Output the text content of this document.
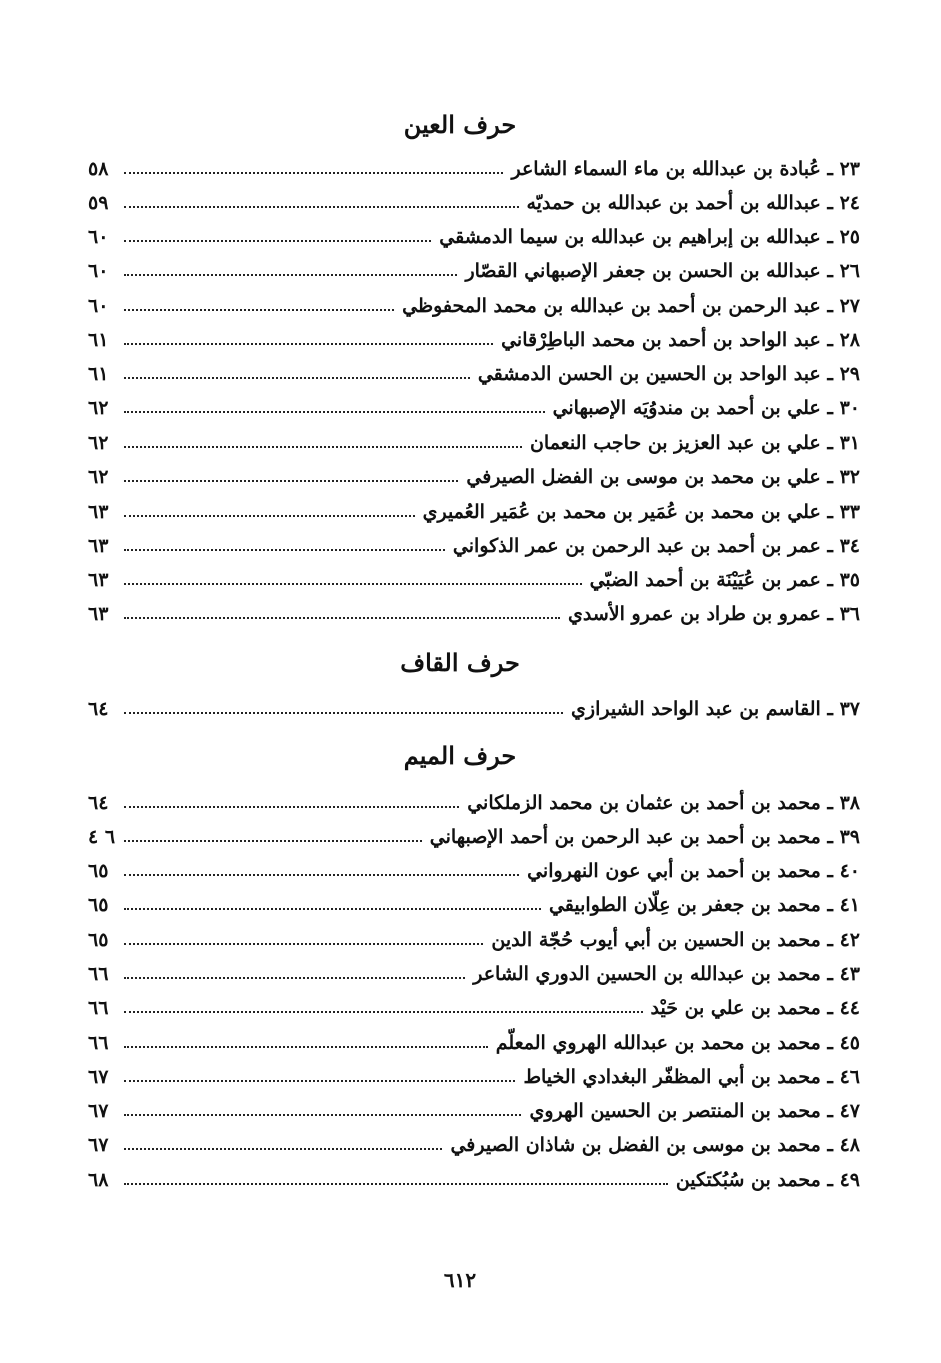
حرف العين
٢٣ ـ عُبادة بن عبدالله بن ماء السماء الشاعر
٥٨
٢٤ ـ عبدالله بن أحمد بن عبدالله بن حمديّه
٥٩
٢٥ ـ عبدالله بن إبراهيم بن عبدالله بن سيما الدمشقي
٦٠
٢٦ ـ عبدالله بن الحسن بن جعفر الإصبهاني القصّار
٦٠
٢٧ ـ عبد الرحمن بن أحمد بن عبدالله بن محمد المحفوظي
٦٠
٢٨ ـ عبد الواحد بن أحمد بن محمد الباطِرْقاني
٦١
٢٩ ـ عبد الواحد بن الحسين بن الحسن الدمشقي
٦١
٣٠ ـ علي بن أحمد بن مندوُيَه الإصبهاني
٦٢
٣١ ـ علي بن عبد العزيز بن حاجب النعمان
٦٢
٣٢ ـ علي بن محمد بن موسى بن الفضل الصيرفي
٦٢
٣٣ ـ علي بن محمد بن عُمَير بن محمد بن عُمَير العُميري
٦٣
٣٤ ـ عمر بن أحمد بن عبد الرحمن بن عمر الذكواني
٦٣
٣٥ ـ عمر بن عُيَيْنَة بن أحمد الضبّي
٦٣
٣٦ ـ عمرو بن طراد بن عمرو الأسدي
٦٣
حرف القاف
٣٧ ـ القاسم بن عبد الواحد الشيرازي
٦٤
حرف الميم
٣٨ ـ محمد بن أحمد بن عثمان بن محمد الزملكاني
٦٤
٣٩ ـ محمد بن أحمد بن عبد الرحمن بن أحمد الإصبهاني
٦ ٤
٤٠ ـ محمد بن أحمد بن أبي عون النهرواني
٦٥
٤١ ـ محمد بن جعفر بن عِلّان الطوابيقي
٦٥
٤٢ ـ محمد بن الحسين بن أبي أيوب حُجّة الدين
٦٥
٤٣ ـ محمد بن عبدالله بن الحسين الدوري الشاعر
٦٦
٤٤ ـ محمد بن علي بن حَيْد
٦٦
٤٥ ـ محمد بن محمد بن عبدالله الهروي المعلّم
٦٦
٤٦ ـ محمد بن أبي المظفّر البغدادي الخياط
٦٧
٤٧ ـ محمد بن المنتصر بن الحسين الهروي
٦٧
٤٨ ـ محمد بن موسى بن الفضل بن شاذان الصيرفي
٦٧
٤٩ ـ محمد بن سُبُكتكين
٦٨
٦١٢
